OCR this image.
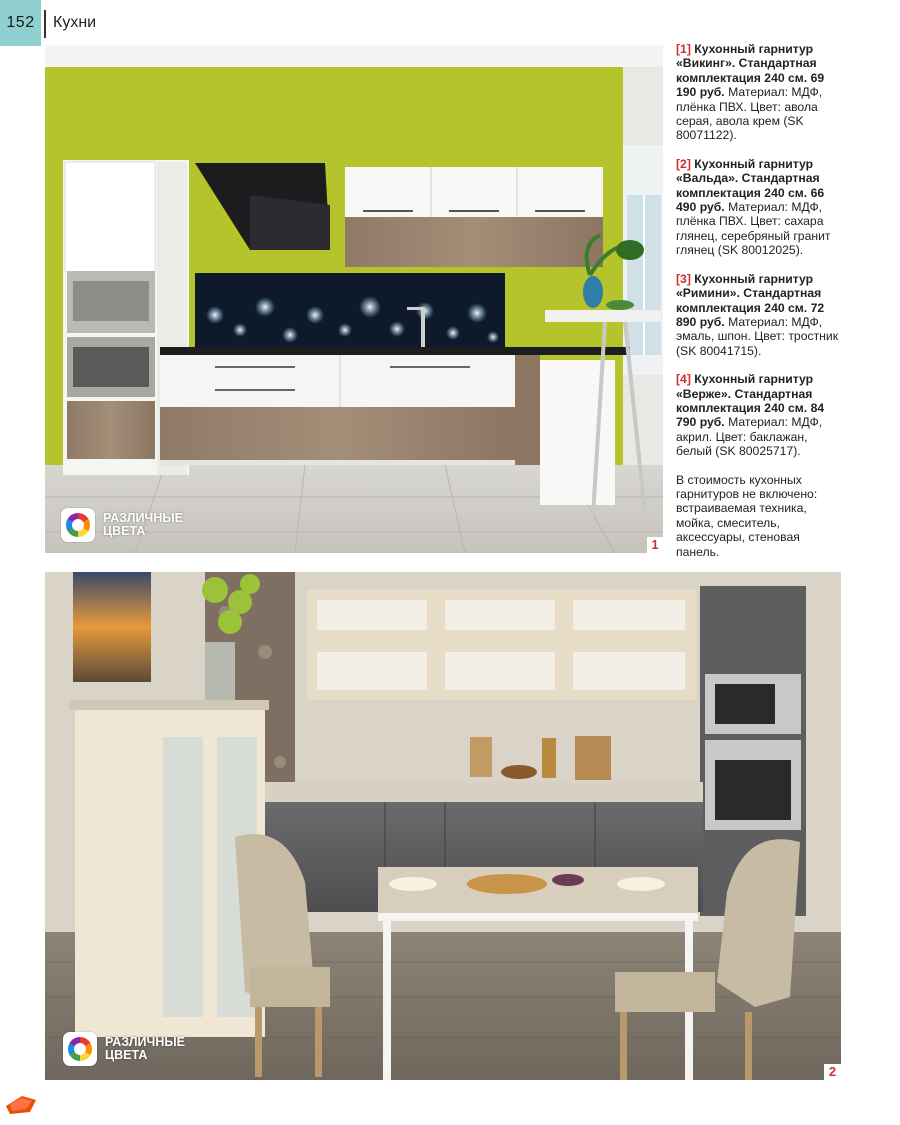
152	Кухни
РАЗЛИЧНЫЕ ЦВЕТА
1
[1] Кухонный гарнитур «Викинг». Стандартная комплектация 240 см. 69 190 руб. Материал: МДФ, плёнка ПВХ. Цвет: авола серая, авола крем (SK 80071122).
[2] Кухонный гарнитур «Вальда». Стандартная комплектация 240 см. 66 490 руб. Материал: МДФ, плёнка ПВХ. Цвет: сахара глянец, серебряный гранит глянец (SK 80012025).
[3] Кухонный гарнитур «Римини». Стандартная комплектация 240 см. 72 890 руб. Материал: МДФ, эмаль, шпон. Цвет: тростник (SK 80041715).
[4] Кухонный гарнитур «Верже». Стандартная комплектация 240 см. 84 790 руб. Материал: МДФ, акрил. Цвет: баклажан, белый (SK 80025717).
В стоимость кухонных гарнитуров не включено: встраиваемая техника, мойка, смеситель, аксессуары, стеновая панель.
РАЗЛИЧНЫЕ ЦВЕТА
2
